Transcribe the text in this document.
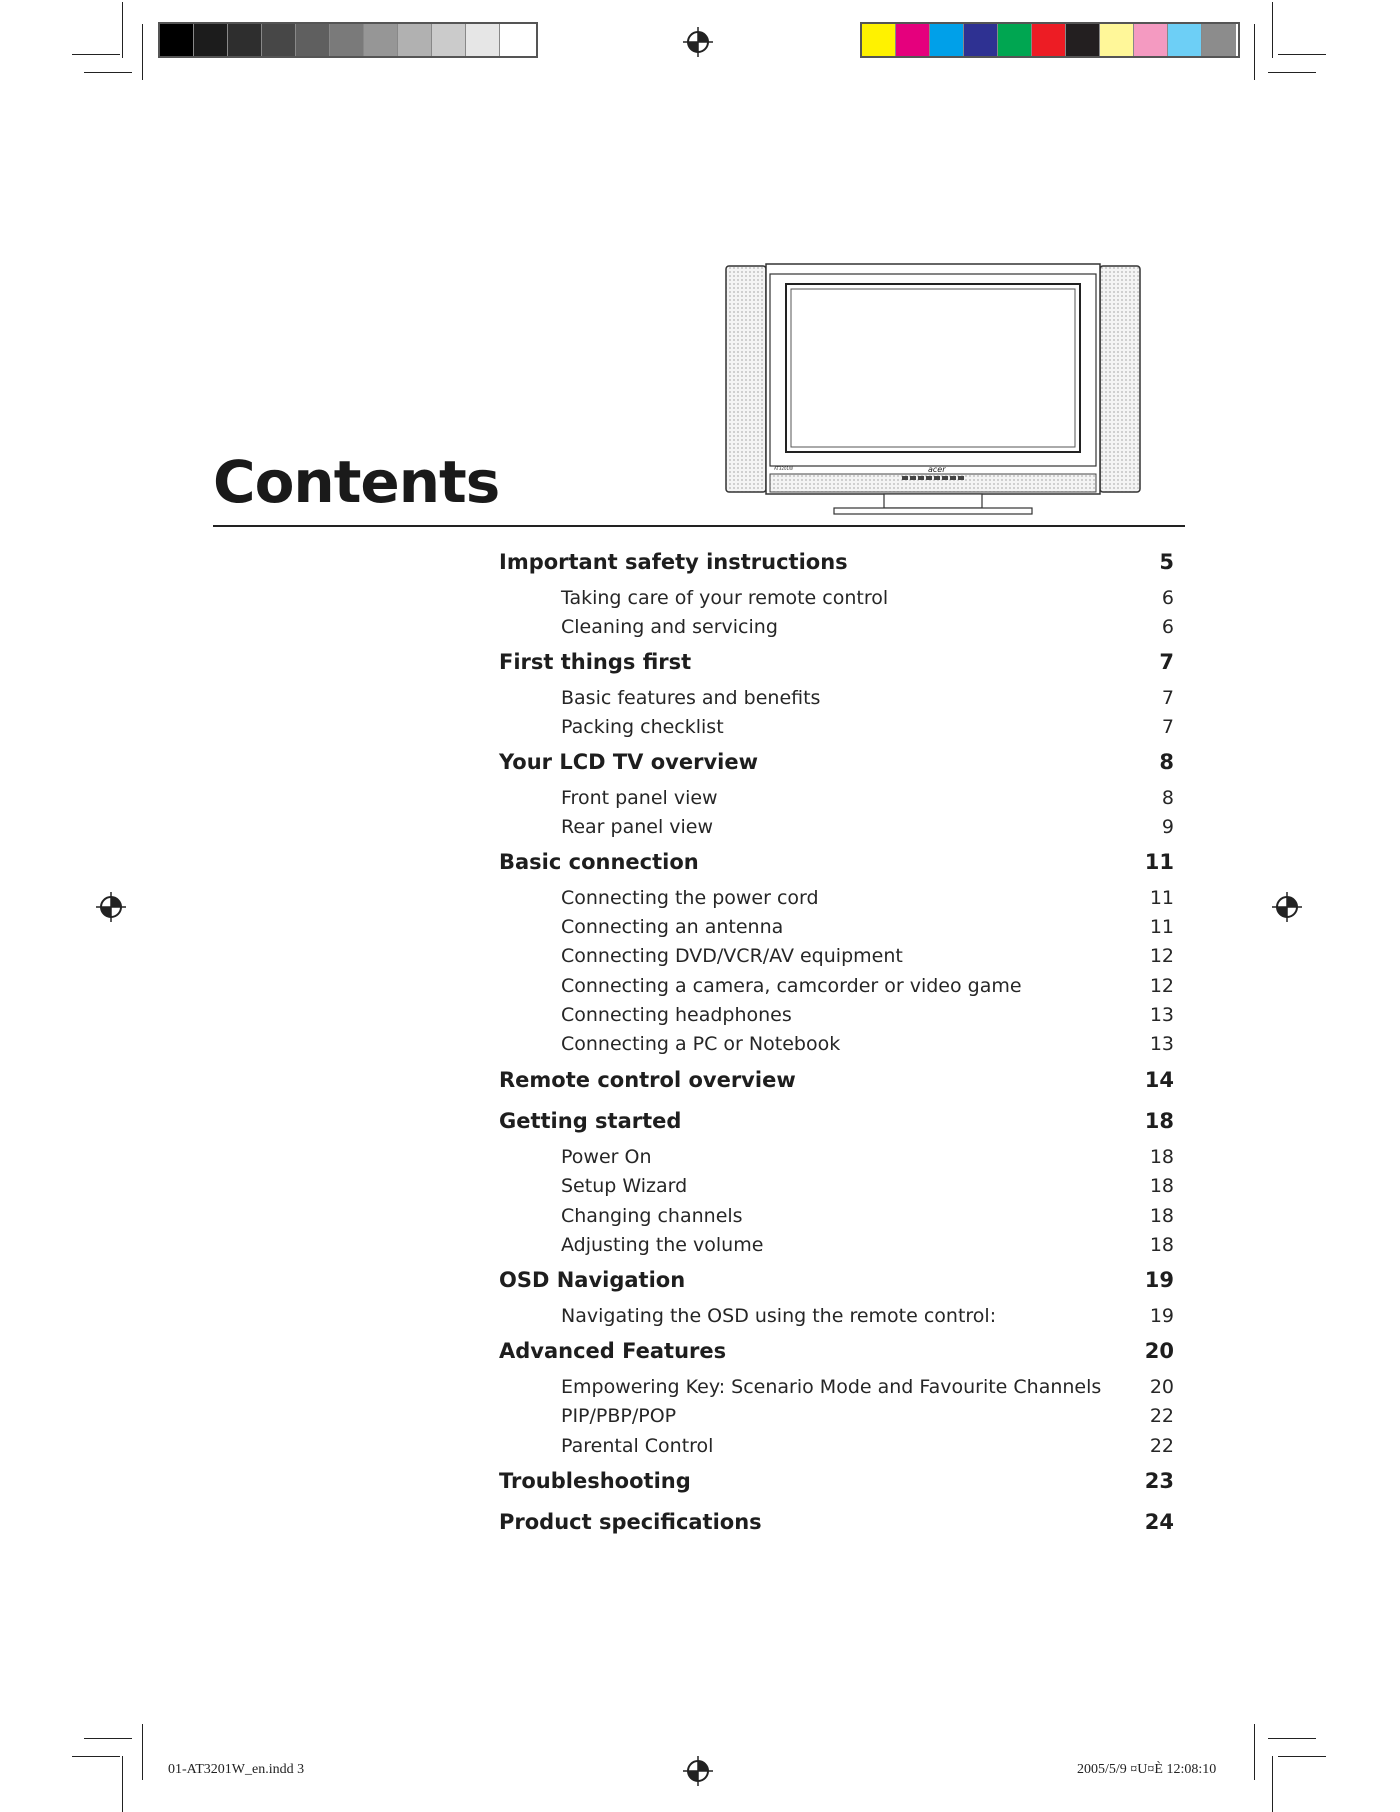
acer
AT3201W
Contents
Important safety instructions	5
Taking care of your remote control	6
Cleaning and servicing	6
First things first	7
Basic features and benefits	7
Packing checklist	7
Your LCD TV overview	8
Front panel view	8
Rear panel view	9
Basic connection	11
Connecting the power cord	11
Connecting an antenna	11
Connecting DVD/VCR/AV equipment	12
Connecting a camera, camcorder or video game	12
Connecting headphones	13
Connecting a PC or Notebook	13
Remote control overview	14
Getting started	18
Power On	18
Setup Wizard	18
Changing channels	18
Adjusting the volume	18
OSD Navigation	19
Navigating the OSD using the remote control:	19
Advanced Features	20
Empowering Key: Scenario Mode and Favourite Channels	20
PIP/PBP/POP	22
Parental Control	22
Troubleshooting	23
Product specifications	24
01-AT3201W_en.indd 3	2005/5/9 ¤U¤È 12:08:10
